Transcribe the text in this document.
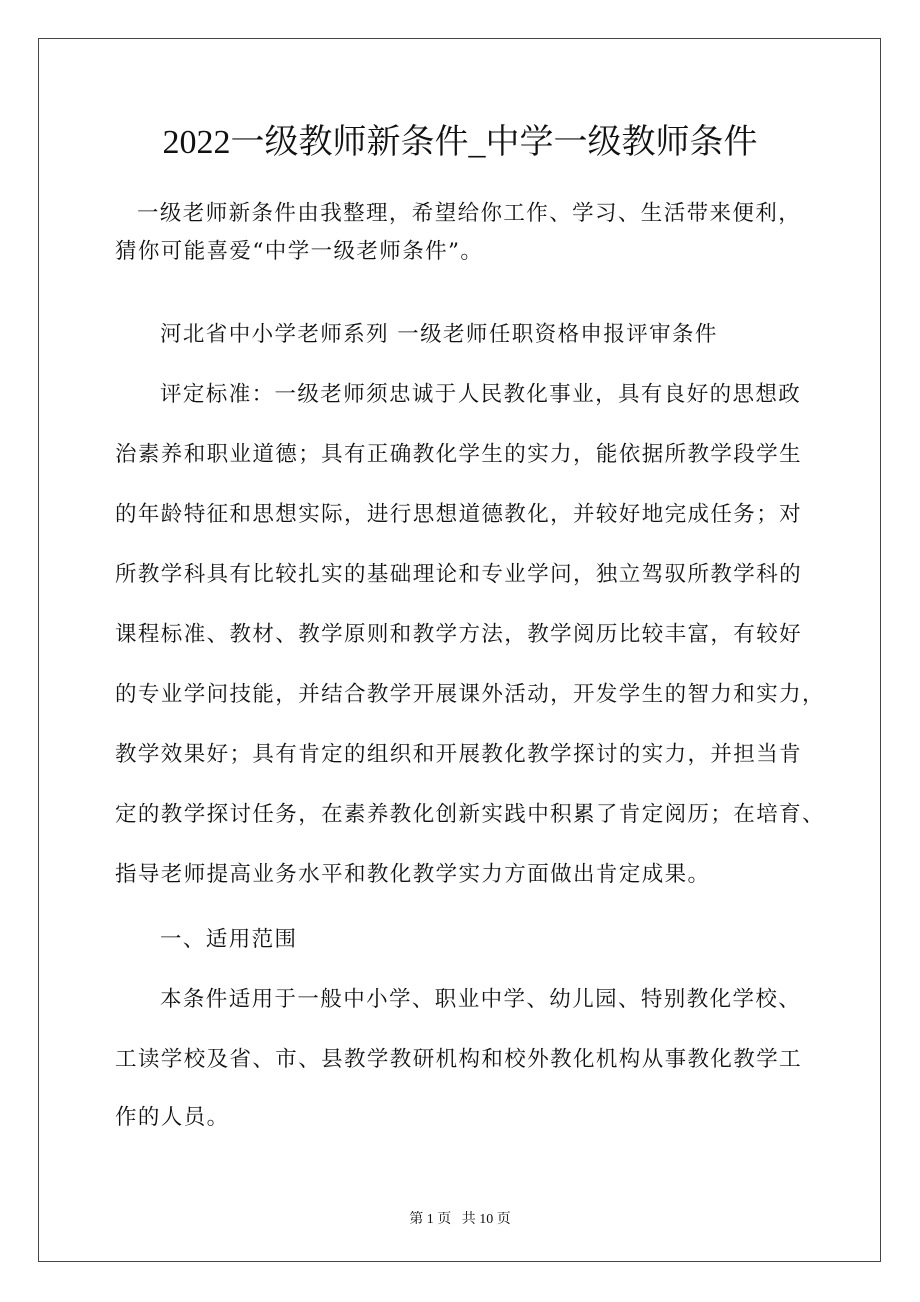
2022一级教师新条件_中学一级教师条件
一级老师新条件由我整理，希望给你工作、学习、生活带来便利，
猜你可能喜爱“中学一级老师条件”。
河北省中小学老师系列 一级老师任职资格申报评审条件
评定标准：一级老师须忠诚于人民教化事业，具有良好的思想政
治素养和职业道德；具有正确教化学生的实力，能依据所教学段学生
的年龄特征和思想实际，进行思想道德教化，并较好地完成任务；对
所教学科具有比较扎实的基础理论和专业学问，独立驾驭所教学科的
课程标准、教材、教学原则和教学方法，教学阅历比较丰富，有较好
的专业学问技能，并结合教学开展课外活动，开发学生的智力和实力，
教学效果好；具有肯定的组织和开展教化教学探讨的实力，并担当肯
定的教学探讨任务，在素养教化创新实践中积累了肯定阅历；在培育、
指导老师提高业务水平和教化教学实力方面做出肯定成果。
一、适用范围
本条件适用于一般中小学、职业中学、幼儿园、特别教化学校、
工读学校及省、市、县教学教研机构和校外教化机构从事教化教学工
作的人员。
第 1 页   共 10 页
